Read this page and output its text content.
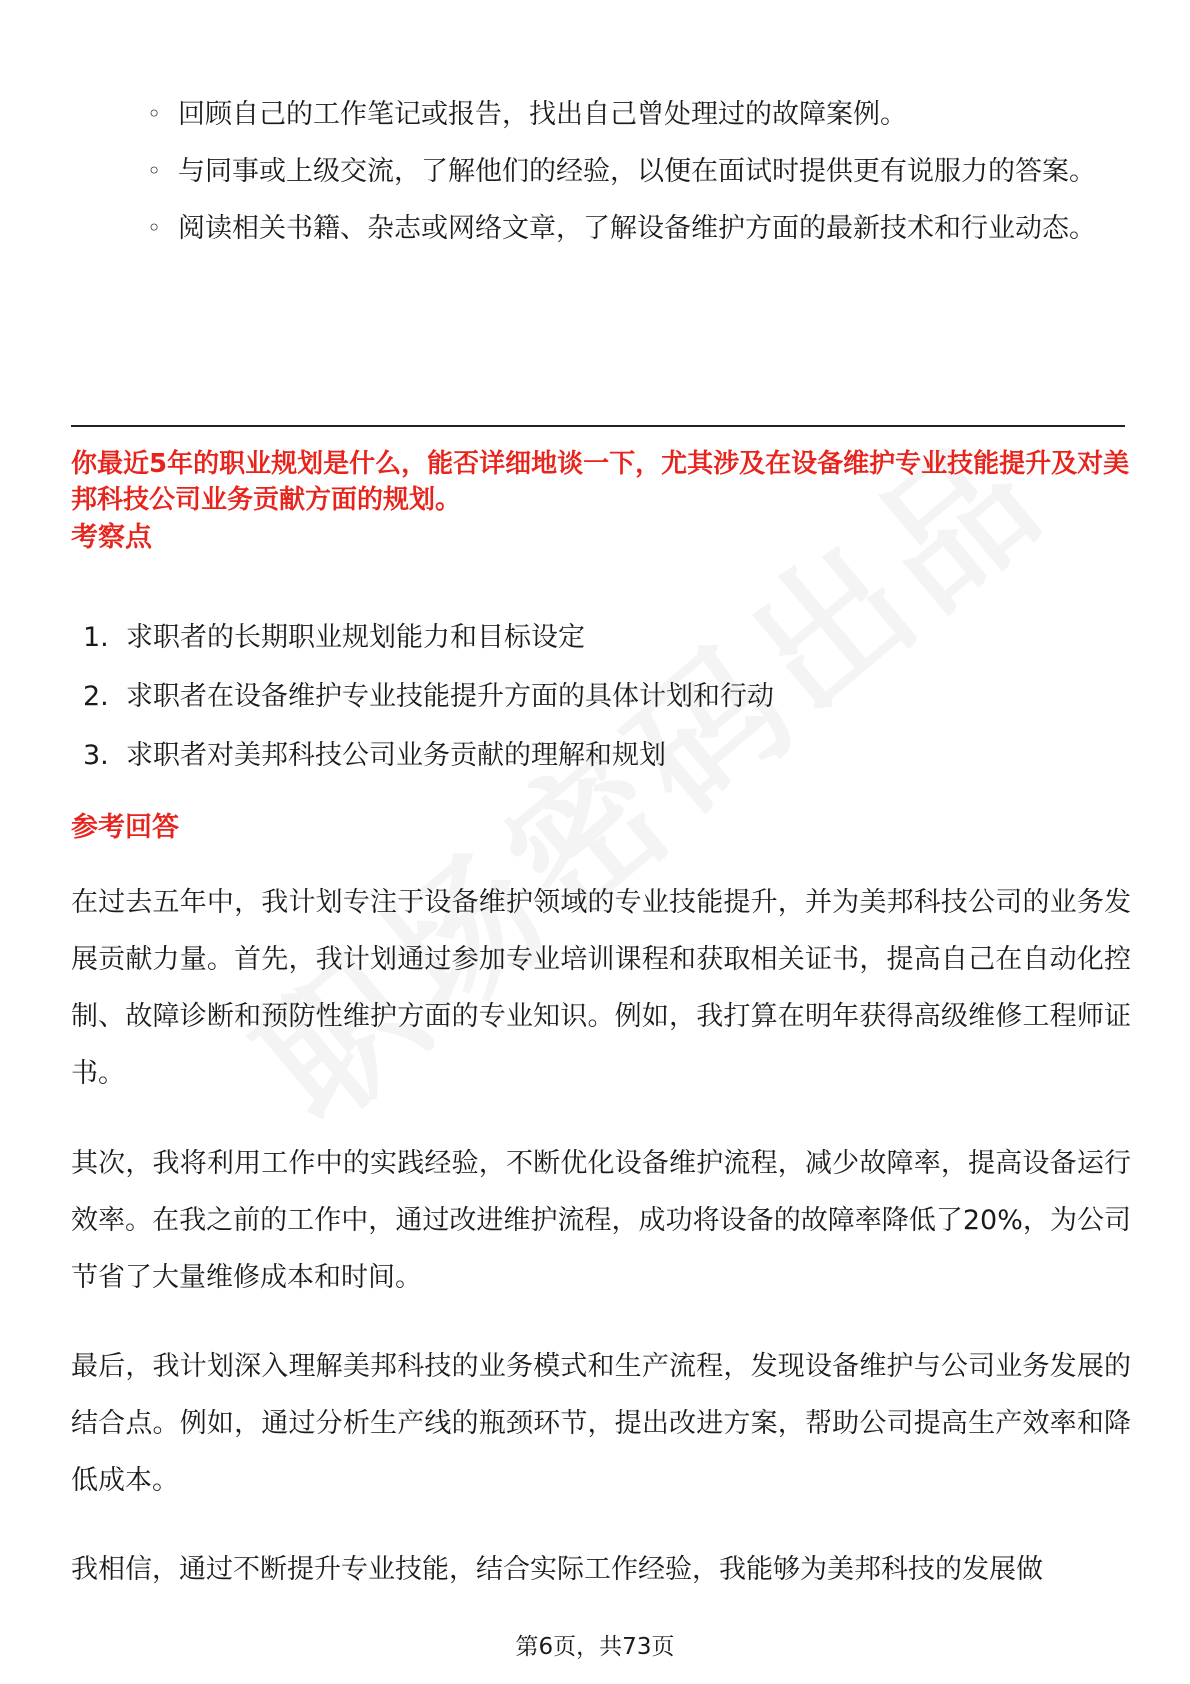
◦ 回顾自己的工作笔记或报告，找出自己曾处理过的故障案例。
◦ 与同事或上级交流，了解他们的经验，以便在面试时提供更有说服力的答案。
◦ 阅读相关书籍、杂志或网络文章，了解设备维护方面的最新技术和行业动态。

你最近5年的职业规划是什么，能否详细地谈一下，尤其涉及在设备维护专业技能提升及对美邦科技公司业务贡献方面的规划。

考察点

1. 求职者的长期职业规划能力和目标设定
2. 求职者在设备维护专业技能提升方面的具体计划和行动
3. 求职者对美邦科技公司业务贡献的理解和规划

参考回答

在过去五年中，我计划专注于设备维护领域的专业技能提升，并为美邦科技公司的业务发展贡献力量。首先，我计划通过参加专业培训课程和获取相关证书，提高自己在自动化控制、故障诊断和预防性维护方面的专业知识。例如，我打算在明年获得高级维修工程师证书。

其次，我将利用工作中的实践经验，不断优化设备维护流程，减少故障率，提高设备运行效率。在我之前的工作中，通过改进维护流程，成功将设备的故障率降低了20%，为公司节省了大量维修成本和时间。

最后，我计划深入理解美邦科技的业务模式和生产流程，发现设备维护与公司业务发展的结合点。例如，通过分析生产线的瓶颈环节，提出改进方案，帮助公司提高生产效率和降低成本。

我相信，通过不断提升专业技能，结合实际工作经验，我能够为美邦科技的发展做

第6页，共73页
